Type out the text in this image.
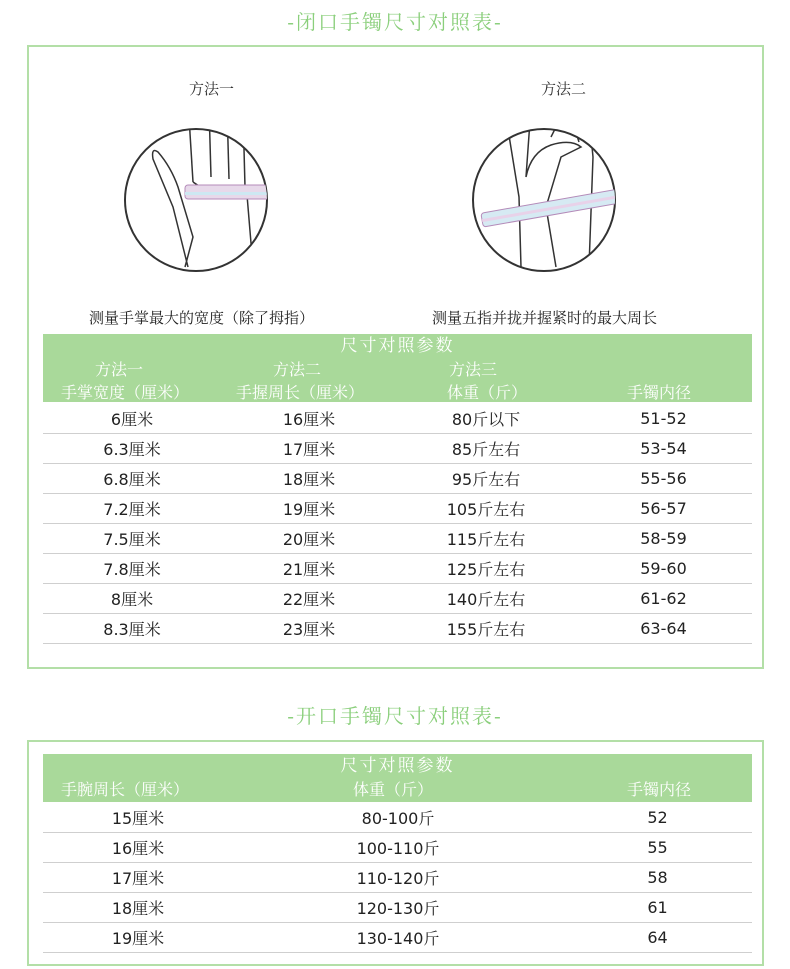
-闭口手镯尺寸对照表-
方法一	方法二
测量手掌最大的宽度（除了拇指）	测量五指并拢并握紧时的最大周长
尺寸对照参数
方法一	方法二	方法三
手掌宽度（厘米）	手握周长（厘米）	体重（斤）	手镯内径
6厘米	16厘米	80斤以下	51-52
6.3厘米	17厘米	85斤左右	53-54
6.8厘米	18厘米	95斤左右	55-56
7.2厘米	19厘米	105斤左右	56-57
7.5厘米	20厘米	115斤左右	58-59
7.8厘米	21厘米	125斤左右	59-60
8厘米	22厘米	140斤左右	61-62
8.3厘米	23厘米	155斤左右	63-64
-开口手镯尺寸对照表-
尺寸对照参数
手腕周长（厘米）	体重（斤）	手镯内径
15厘米	80-100斤	52
16厘米	100-110斤	55
17厘米	110-120斤	58
18厘米	120-130斤	61
19厘米	130-140斤	64
